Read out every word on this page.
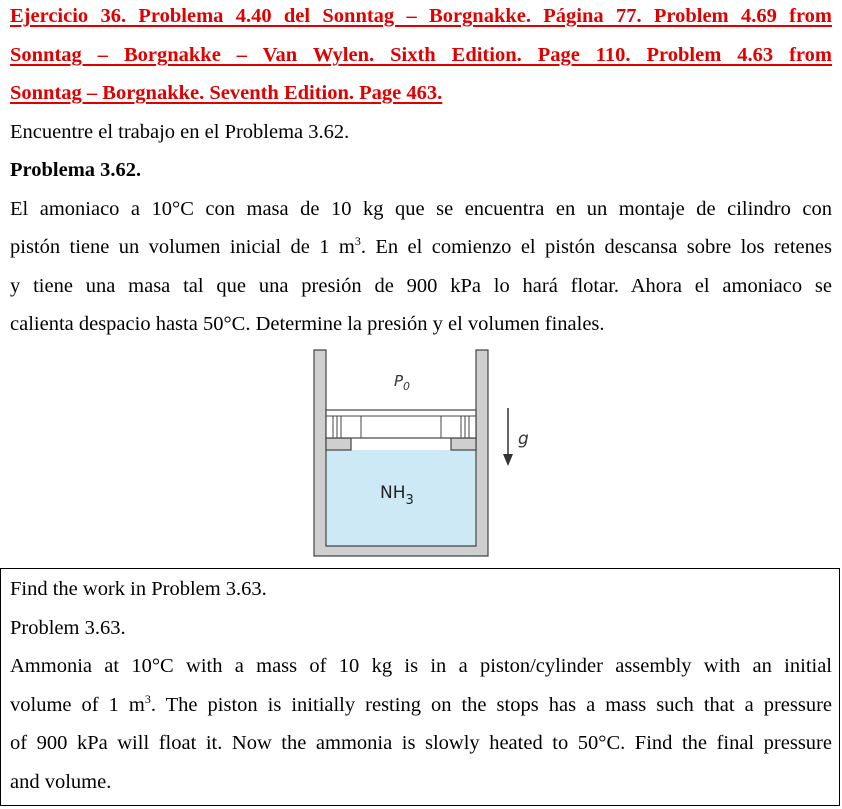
Ejercicio 36. Problema 4.40 del Sonntag – Borgnakke. Página 77. Problem 4.69 from
Sonntag – Borgnakke – Van Wylen. Sixth Edition. Page 110. Problem 4.63 from
Sonntag – Borgnakke. Seventh Edition. Page 463.
Encuentre el trabajo en el Problema 3.62.
Problema 3.62.
El amoniaco a 10°C con masa de 10 kg que se encuentra en un montaje de cilindro con
pistón tiene un volumen inicial de 1 $m^3$. En el comienzo el pistón descansa sobre los retenes
y tiene una masa tal que una presión de 900 kPa lo hará flotar. Ahora el amoniaco se
calienta despacio hasta 50°C. Determine la presión y el volumen finales.
$P_0$
g
$NH_3$
Find the work in Problem 3.63.
Problem 3.63.
Ammonia at 10°C with a mass of 10 kg is in a piston/cylinder assembly with an initial
volume of 1 $m^3$. The piston is initially resting on the stops has a mass such that a pressure
of 900 kPa will float it. Now the ammonia is slowly heated to 50°C. Find the final pressure
and volume.
